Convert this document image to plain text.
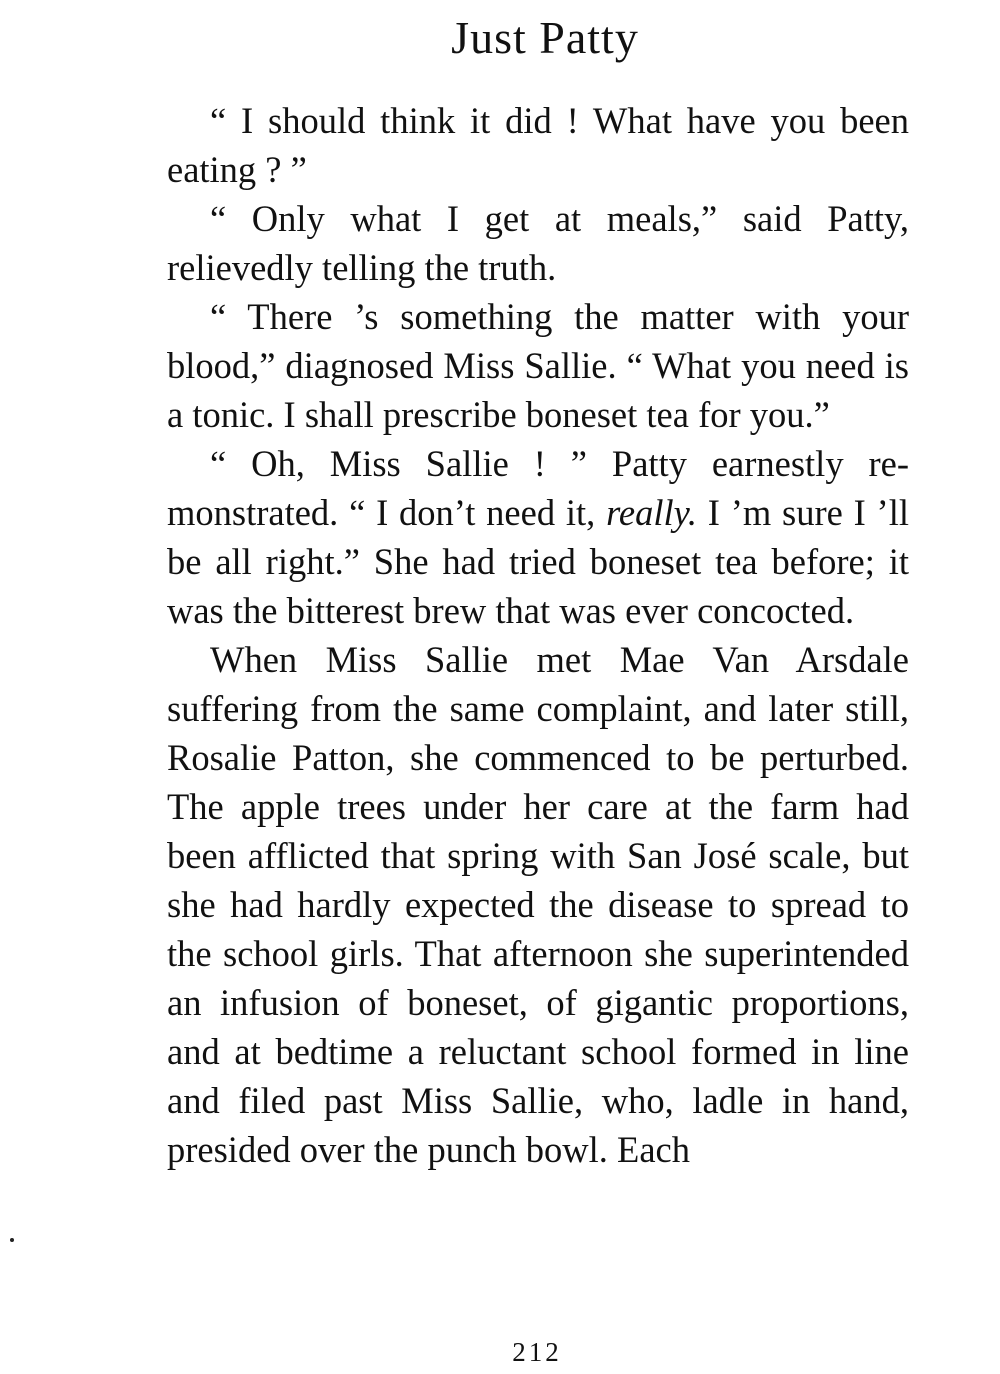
Just Patty

“ I should think it did ! What have you been eating ? ”

“ Only what I get at meals,” said Patty, relievedly telling the truth.

“ There ’s something the matter with your blood,” diagnosed Miss Sallie. “ What you need is a tonic. I shall prescribe boneset tea for you.”

“ Oh, Miss Sallie ! ” Patty earnestly remonstrated. “ I don’t need it, really. I ’m sure I ’ll be all right.” She had tried boneset tea before; it was the bitterest brew that was ever concocted.

When Miss Sallie met Mae Van Arsdale suffering from the same complaint, and later still, Rosalie Patton, she commenced to be perturbed. The apple trees under her care at the farm had been afflicted that spring with San José scale, but she had hardly expected the disease to spread to the school girls. That afternoon she superintended an infusion of boneset, of gigantic proportions, and at bedtime a reluctant school formed in line and filed past Miss Sallie, who, ladle in hand, presided over the punch bowl. Each

212
